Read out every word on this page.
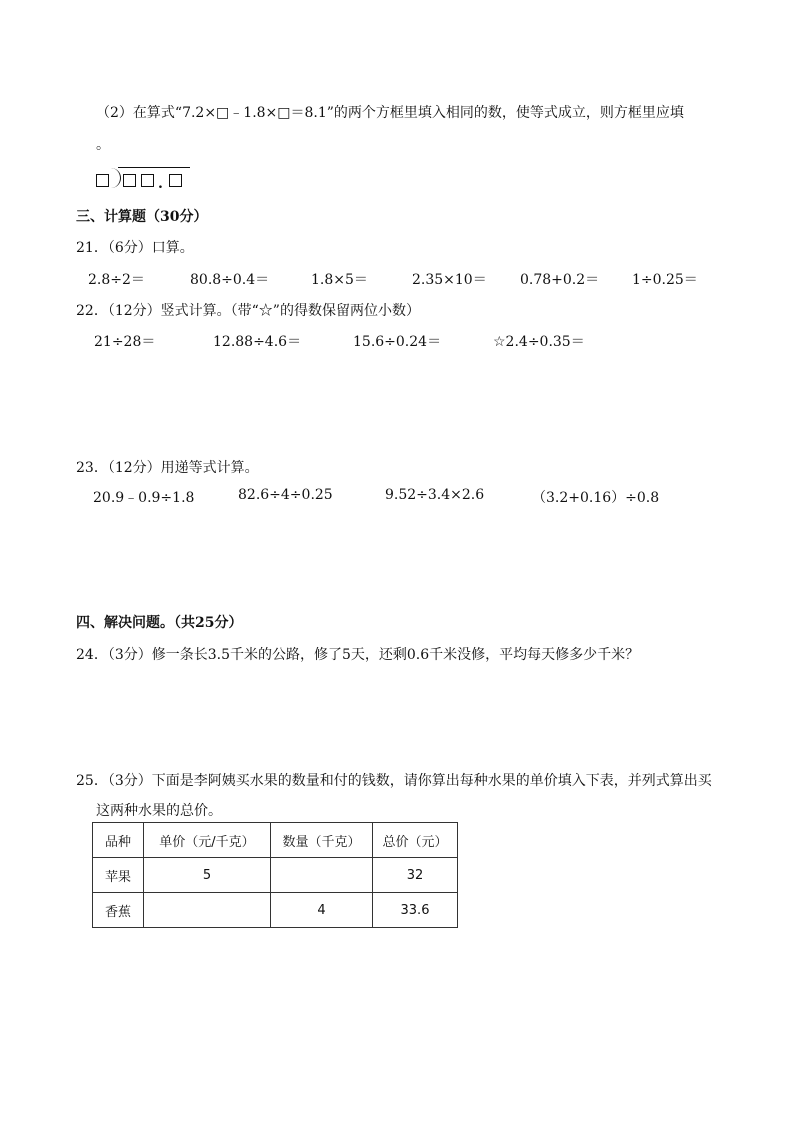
（2）在算式“7.2×□﹣1.8×□＝8.1”的两个方框里填入相同的数，使等式成立，则方框里应填
。
.
三、计算题（30分）
21．（6分）口算。
2.8÷2＝	80.8÷0.4＝	1.8×5＝	2.35×10＝ 0.78+0.2＝ 1÷0.25＝
22．（12分）竖式计算。（带“☆”的得数保留两位小数）
21÷28＝	12.88÷4.6＝	15.6÷0.24＝	☆2.4÷0.35＝
23．（12分）用递等式计算。
20.9﹣0.9÷1.8	82.6÷4÷0.25	9.52÷3.4×2.6	（3.2+0.16）÷0.8
四、解决问题。（共25分）
24．（3分）修一条长3.5千米的公路，修了5天，还剩0.6千米没修，平均每天修多少千米？
25．（3分）下面是李阿姨买水果的数量和付的钱数，请你算出每种水果的单价填入下表，并列式算出买
这两种水果的总价。
品种	单价（元/千克）	数量（千克）	总价（元）
苹果	5		32
香蕉		4	33.6
